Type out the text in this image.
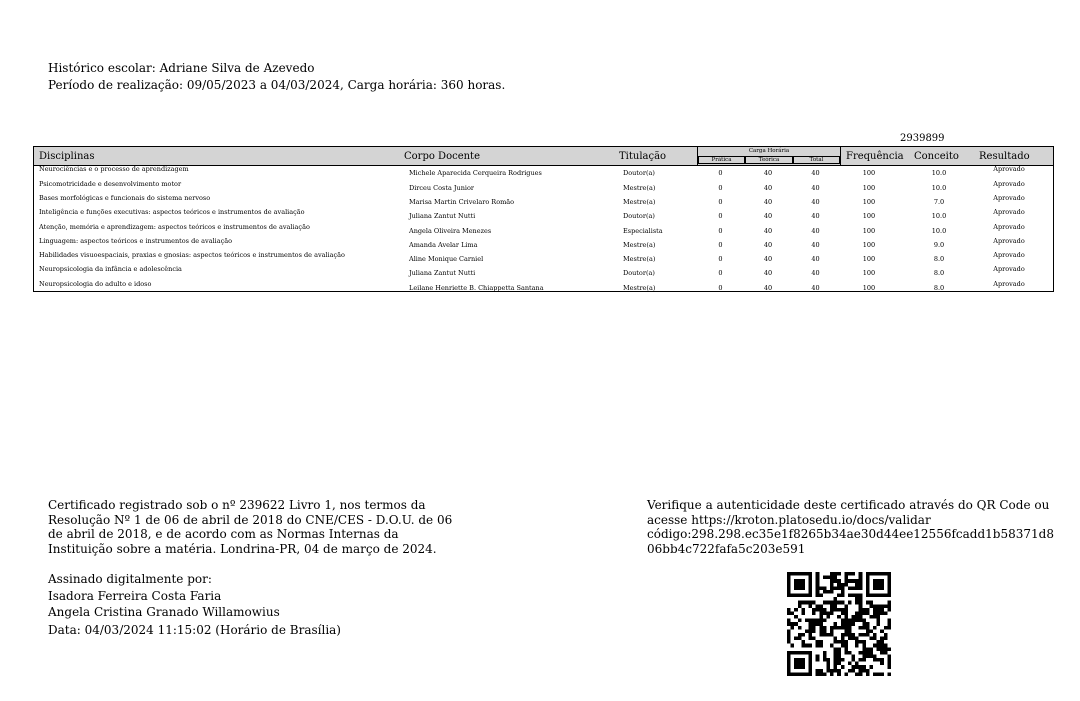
Histórico escolar: Adriane Silva de Azevedo
Período de realização: 09/05/2023 a 04/03/2024, Carga horária: 360 horas.
2939899
Disciplinas	Corpo Docente	Titulação	Carga Horária
Prática	Teórica	Total	Frequência Conceito Resultado
Neurociências e o processo de aprendizagem	Michele Aparecida Cerqueira Rodrigues	Doutor(a)	0	40	40	100	10.0	Aprovado
Psicomotricidade e desenvolvimento motor	Dirceu Costa Junior	Mestre(a)	0	40	40	100	10.0	Aprovado
Bases morfológicas e funcionais do sistema nervoso	Marisa Martin Crivelaro Romão	Mestre(a)	0	40	40	100	7.0	Aprovado
Inteligência e funções executivas: aspectos teóricos e instrumentos de avaliação	Juliana Zantut Nutti	Doutor(a)	0	40	40	100	10.0	Aprovado
Atenção, memória e aprendizagem: aspectos teóricos e instrumentos de avaliação	Angela Oliveira Menezes	Especialista	0	40	40	100	10.0	Aprovado
Linguagem: aspectos teóricos e instrumentos de avaliação	Amanda Avelar Lima	Mestre(a)	0	40	40	100	9.0	Aprovado
Habilidades visuoespaciais, praxias e gnosias: aspectos teóricos e instrumentos de avaliação	Aline Monique Carniel	Mestre(a)	0	40	40	100	8.0	Aprovado
Neuropsicologia da infância e adolescência	Juliana Zantut Nutti	Doutor(a)	0	40	40	100	8.0	Aprovado
Neuropsicologia do adulto e idoso	Leilane Henriette B. Chiappetta Santana	Mestre(a)	0	40	40	100	8.0	Aprovado
Certificado registrado sob o nº 239622 Livro 1, nos termos da
Resolução Nº 1 de 06 de abril de 2018 do CNE/CES - D.O.U. de 06
de abril de 2018, e de acordo com as Normas Internas da
Instituição sobre a matéria. Londrina-PR, 04 de março de 2024.
Assinado digitalmente por:
Isadora Ferreira Costa Faria
Angela Cristina Granado Willamowius
Data: 04/03/2024 11:15:02 (Horário de Brasília)
Verifique a autenticidade deste certificado através do QR Code ou
acesse https://kroton.platosedu.io/docs/validar
código:298.298.ec35e1f8265b34ae30d44ee12556fcadd1b58371d8
06bb4c722fafa5c203e591
